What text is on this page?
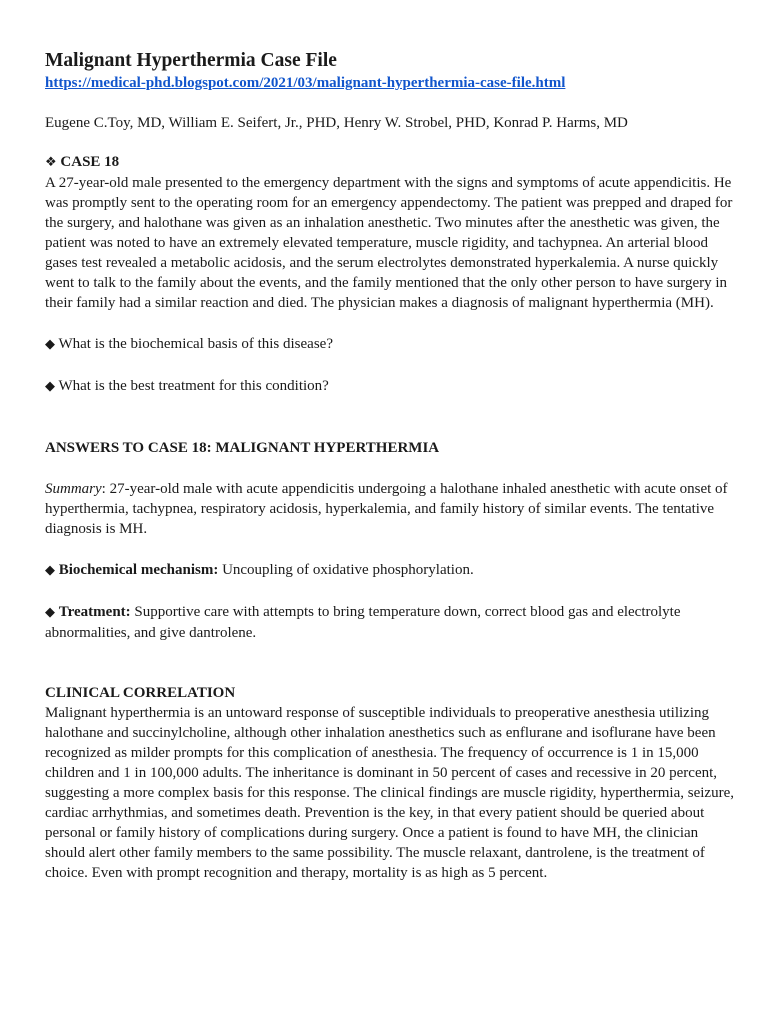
Malignant Hyperthermia Case File
https://medical-phd.blogspot.com/2021/03/malignant-hyperthermia-case-file.html
Eugene C.Toy, MD, William E. Seifert, Jr., PHD, Henry W. Strobel, PHD, Konrad P. Harms, MD
❖ CASE 18

A 27-year-old male presented to the emergency department with the signs and symptoms of acute appendicitis. He was promptly sent to the operating room for an emergency appendectomy. The patient was prepped and draped for the surgery, and halothane was given as an inhalation anesthetic. Two minutes after the anesthetic was given, the patient was noted to have an extremely elevated temperature, muscle rigidity, and tachypnea. An arterial blood gases test revealed a metabolic acidosis, and the serum electrolytes demonstrated hyperkalemia. A nurse quickly went to talk to the family about the events, and the family mentioned that the only other person to have surgery in their family had a similar reaction and died. The physician makes a diagnosis of malignant hyperthermia (MH).

◆ What is the biochemical basis of this disease?
◆ What is the best treatment for this condition?
ANSWERS TO CASE 18: MALIGNANT HYPERTHERMIA
Summary: 27-year-old male with acute appendicitis undergoing a halothane inhaled anesthetic with acute onset of hyperthermia, tachypnea, respiratory acidosis, hyperkalemia, and family history of similar events. The tentative diagnosis is MH.
◆ Biochemical mechanism: Uncoupling of oxidative phosphorylation.
◆ Treatment: Supportive care with attempts to bring temperature down, correct blood gas and electrolyte abnormalities, and give dantrolene.
CLINICAL CORRELATION

Malignant hyperthermia is an untoward response of susceptible individuals to preoperative anesthesia utilizing halothane and succinylcholine, although other inhalation anesthetics such as enflurane and isoflurane have been recognized as milder prompts for this complication of anesthesia. The frequency of occurrence is 1 in 15,000 children and 1 in 100,000 adults. The inheritance is dominant in 50 percent of cases and recessive in 20 percent, suggesting a more complex basis for this response. The clinical findings are muscle rigidity, hyperthermia, seizure, cardiac arrhythmias, and sometimes death. Prevention is the key, in that every patient should be queried about personal or family history of complications during surgery. Once a patient is found to have MH, the clinician should alert other family members to the same possibility. The muscle relaxant, dantrolene, is the treatment of choice. Even with prompt recognition and therapy, mortality is as high as 5 percent.
